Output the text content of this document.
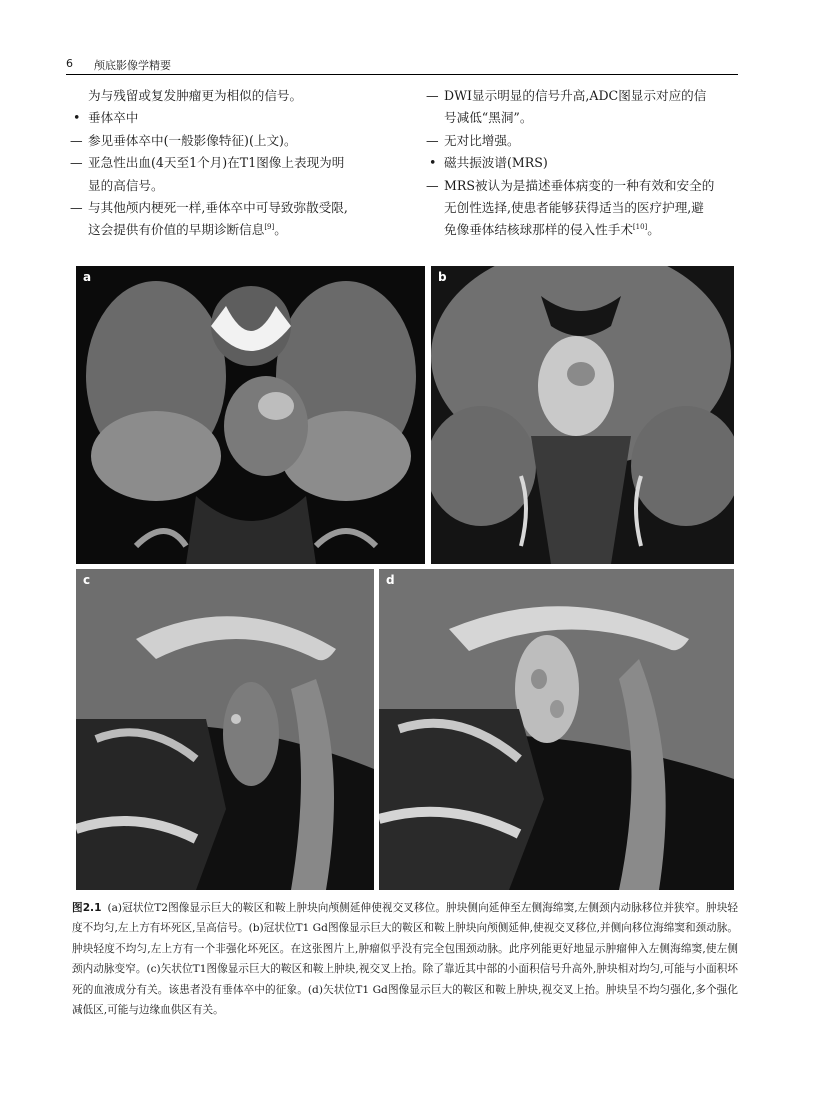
6 颅底影像学精要
为与残留或复发肿瘤更为相似的信号。
• 垂体卒中
— 参见垂体卒中(一般影像特征)(上文)。
— 亚急性出血(4天至1个月)在T1图像上表现为明
显的高信号。
— 与其他颅内梗死一样,垂体卒中可导致弥散受限,
这会提供有价值的早期诊断信息[9]。
— DWI显示明显的信号升高,ADC图显示对应的信
号减低“黑洞”。
— 无对比增强。
• 磁共振波谱(MRS)
— MRS被认为是描述垂体病变的一种有效和安全的
无创性选择,使患者能够获得适当的医疗护理,避
免像垂体结核球那样的侵入性手术[10]。
a	b
c	d
图2.1 (a)冠状位T2图像显示巨大的鞍区和鞍上肿块向颅侧延伸使视交叉移位。肿块侧向延伸至左侧海绵窦,左侧颈内动脉移位并狭窄。肿块轻度不均匀,左上方有坏死区,呈高信号。(b)冠状位T1 Gd图像显示巨大的鞍区和鞍上肿块向颅侧延伸,使视交叉移位,并侧向移位海绵窦和颈动脉。肿块轻度不均匀,左上方有一个非强化坏死区。在这张图片上,肿瘤似乎没有完全包围颈动脉。此序列能更好地显示肿瘤伸入左侧海绵窦,使左侧颈内动脉变窄。(c)矢状位T1图像显示巨大的鞍区和鞍上肿块,视交叉上抬。除了靠近其中部的小面积信号升高外,肿块相对均匀,可能与小面积坏死的血液成分有关。该患者没有垂体卒中的征象。(d)矢状位T1 Gd图像显示巨大的鞍区和鞍上肿块,视交叉上抬。肿块呈不均匀强化,多个强化减低区,可能与边缘血供区有关。
